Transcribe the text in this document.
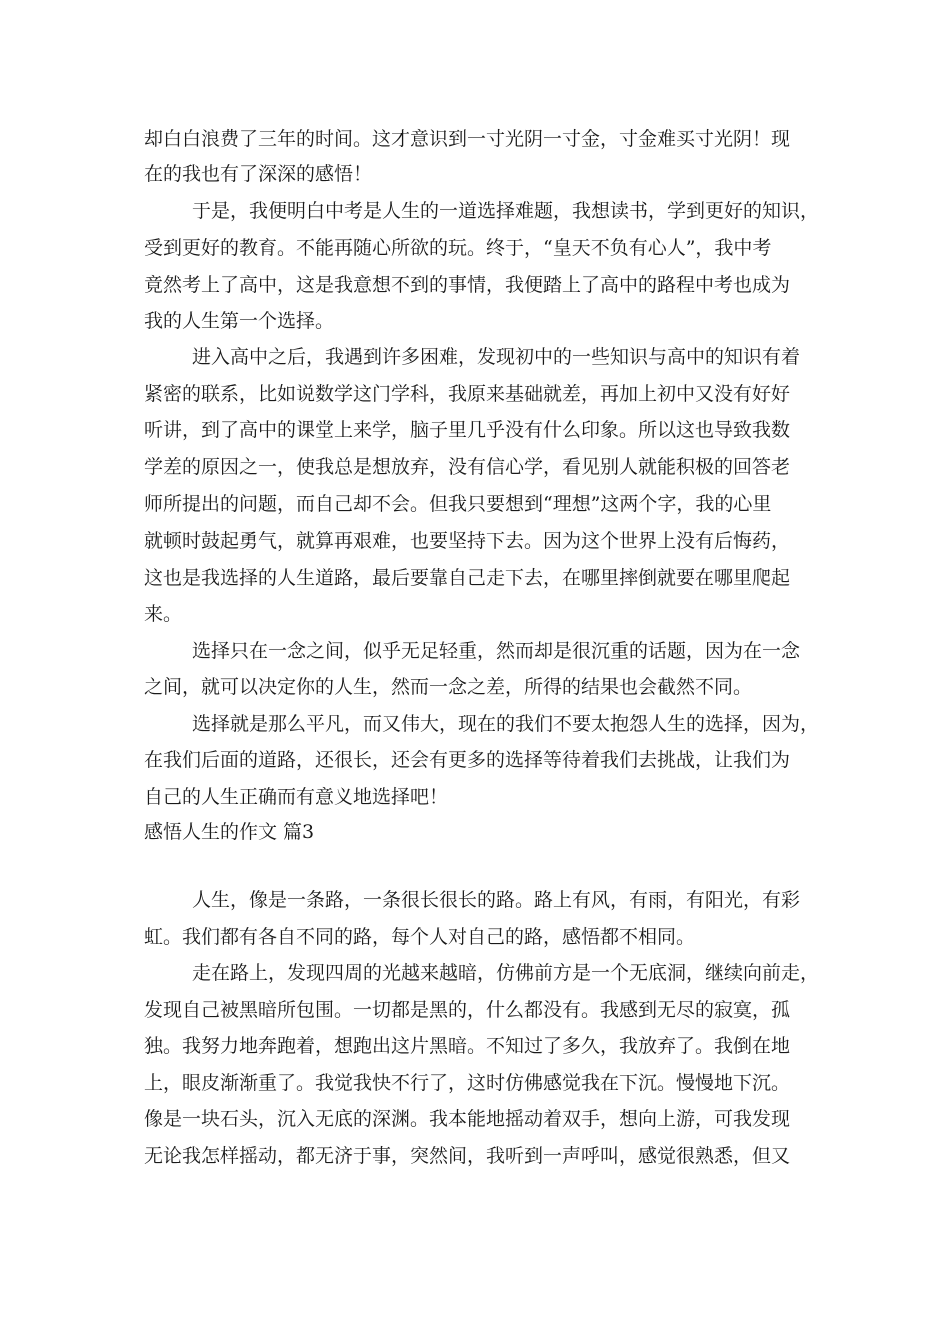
却白白浪费了三年的时间。这才意识到一寸光阴一寸金，寸金难买寸光阴！现
在的我也有了深深的感悟！
于是，我便明白中考是人生的一道选择难题，我想读书，学到更好的知识，
受到更好的教育。不能再随心所欲的玩。终于，“皇天不负有心人”，我中考
竟然考上了高中，这是我意想不到的事情，我便踏上了高中的路程中考也成为
我的人生第一个选择。
进入高中之后，我遇到许多困难，发现初中的一些知识与高中的知识有着
紧密的联系，比如说数学这门学科，我原来基础就差，再加上初中又没有好好
听讲，到了高中的课堂上来学，脑子里几乎没有什么印象。所以这也导致我数
学差的原因之一，使我总是想放弃，没有信心学，看见别人就能积极的回答老
师所提出的问题，而自己却不会。但我只要想到“理想”这两个字，我的心里
就顿时鼓起勇气，就算再艰难，也要坚持下去。因为这个世界上没有后悔药，
这也是我选择的人生道路，最后要靠自己走下去，在哪里摔倒就要在哪里爬起
来。
选择只在一念之间，似乎无足轻重，然而却是很沉重的话题，因为在一念
之间，就可以决定你的人生，然而一念之差，所得的结果也会截然不同。
选择就是那么平凡，而又伟大，现在的我们不要太抱怨人生的选择，因为，
在我们后面的道路，还很长，还会有更多的选择等待着我们去挑战，让我们为
自己的人生正确而有意义地选择吧！
感悟人生的作文 篇3
人生，像是一条路，一条很长很长的路。路上有风，有雨，有阳光，有彩
虹。我们都有各自不同的路，每个人对自己的路，感悟都不相同。
走在路上，发现四周的光越来越暗，仿佛前方是一个无底洞，继续向前走，
发现自己被黑暗所包围。一切都是黑的，什么都没有。我感到无尽的寂寞，孤
独。我努力地奔跑着，想跑出这片黑暗。不知过了多久，我放弃了。我倒在地
上，眼皮渐渐重了。我觉我快不行了，这时仿佛感觉我在下沉。慢慢地下沉。
像是一块石头，沉入无底的深渊。我本能地摇动着双手，想向上游，可我发现
无论我怎样摇动，都无济于事，突然间，我听到一声呼叫，感觉很熟悉，但又
